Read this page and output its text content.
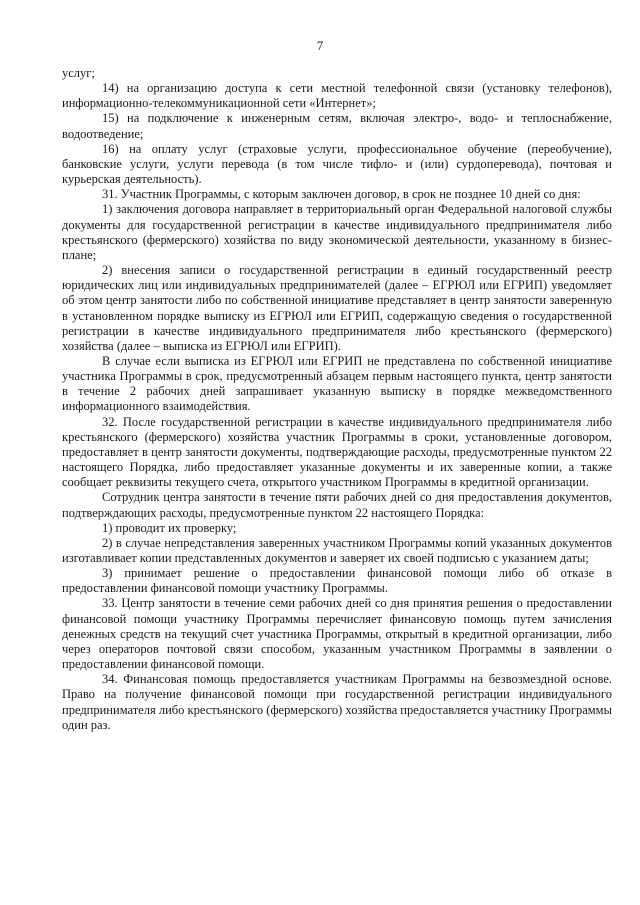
7

услуг;

14) на организацию доступа к сети местной телефонной связи (установку телефонов), информационно-телекоммуникационной сети «Интернет»;

15) на подключение к инженерным сетям, включая электро-, водо- и теплоснабжение, водоотведение;

16) на оплату услуг (страховые услуги, профессиональное обучение (переобучение), банковские услуги, услуги перевода (в том числе тифло- и (или) сурдоперевода), почтовая и курьерская деятельность).

31. Участник Программы, с которым заключен договор, в срок не позднее 10 дней со дня:

1) заключения договора направляет в территориальный орган Федеральной налоговой службы документы для государственной регистрации в качестве индивидуального предпринимателя либо крестьянского (фермерского) хозяйства по виду экономической деятельности, указанному в бизнес-плане;

2) внесения записи о государственной регистрации в единый государственный реестр юридических лиц или индивидуальных предпринимателей (далее – ЕГРЮЛ или ЕГРИП) уведомляет об этом центр занятости либо по собственной инициативе представляет в центр занятости заверенную в установленном порядке выписку из ЕГРЮЛ или ЕГРИП, содержащую сведения о государственной регистрации в качестве индивидуального предпринимателя либо крестьянского (фермерского) хозяйства (далее – выписка из ЕГРЮЛ или ЕГРИП).

В случае если выписка из ЕГРЮЛ или ЕГРИП не представлена по собственной инициативе участника Программы в срок, предусмотренный абзацем первым настоящего пункта, центр занятости в течение 2 рабочих дней запрашивает указанную выписку в порядке межведомственного информационного взаимодействия.

32. После государственной регистрации в качестве индивидуального предпринимателя либо крестьянского (фермерского) хозяйства участник Программы в сроки, установленные договором, предоставляет в центр занятости документы, подтверждающие расходы, предусмотренные пунктом 22 настоящего Порядка, либо предоставляет указанные документы и их заверенные копии, а также сообщает реквизиты текущего счета, открытого участником Программы в кредитной организации.

Сотрудник центра занятости в течение пяти рабочих дней со дня предоставления документов, подтверждающих расходы, предусмотренные пунктом 22 настоящего Порядка:

1) проводит их проверку;

2) в случае непредставления заверенных участником Программы копий указанных документов изготавливает копии представленных документов и заверяет их своей подписью с указанием даты;

3) принимает решение о предоставлении финансовой помощи либо об отказе в предоставлении финансовой помощи участнику Программы.

33. Центр занятости в течение семи рабочих дней со дня принятия решения о предоставлении финансовой помощи участнику Программы перечисляет финансовую помощь путем зачисления денежных средств на текущий счет участника Программы, открытый в кредитной организации, либо через операторов почтовой связи способом, указанным участником Программы в заявлении о предоставлении финансовой помощи.

34. Финансовая помощь предоставляется участникам Программы на безвозмездной основе. Право на получение финансовой помощи при государственной регистрации индивидуального предпринимателя либо крестьянского (фермерского) хозяйства предоставляется участнику Программы один раз.
